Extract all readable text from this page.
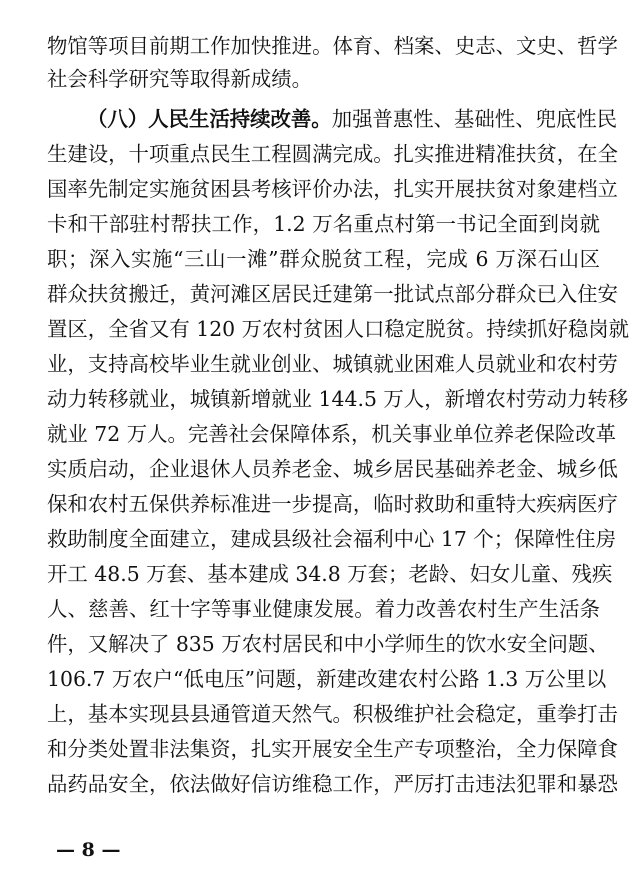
物馆等项目前期工作加快推进。体育、档案、史志、文史、哲学
社会科学研究等取得新成绩。
（八）人民生活持续改善。加强普惠性、基础性、兜底性民
生建设，十项重点民生工程圆满完成。扎实推进精准扶贫，在全
国率先制定实施贫困县考核评价办法，扎实开展扶贫对象建档立
卡和干部驻村帮扶工作，1.2 万名重点村第一书记全面到岗就
职；深入实施“三山一滩”群众脱贫工程，完成 6 万深石山区
群众扶贫搬迁，黄河滩区居民迁建第一批试点部分群众已入住安
置区，全省又有 120 万农村贫困人口稳定脱贫。持续抓好稳岗就
业，支持高校毕业生就业创业、城镇就业困难人员就业和农村劳
动力转移就业，城镇新增就业 144.5 万人，新增农村劳动力转移
就业 72 万人。完善社会保障体系，机关事业单位养老保险改革
实质启动，企业退休人员养老金、城乡居民基础养老金、城乡低
保和农村五保供养标准进一步提高，临时救助和重特大疾病医疗
救助制度全面建立，建成县级社会福利中心 17 个；保障性住房
开工 48.5 万套、基本建成 34.8 万套；老龄、妇女儿童、残疾
人、慈善、红十字等事业健康发展。着力改善农村生产生活条
件，又解决了 835 万农村居民和中小学师生的饮水安全问题、
106.7 万农户“低电压”问题，新建改建农村公路 1.3 万公里以
上，基本实现县县通管道天然气。积极维护社会稳定，重拳打击
和分类处置非法集资，扎实开展安全生产专项整治，全力保障食
品药品安全，依法做好信访维稳工作，严厉打击违法犯罪和暴恐
— 8 —
